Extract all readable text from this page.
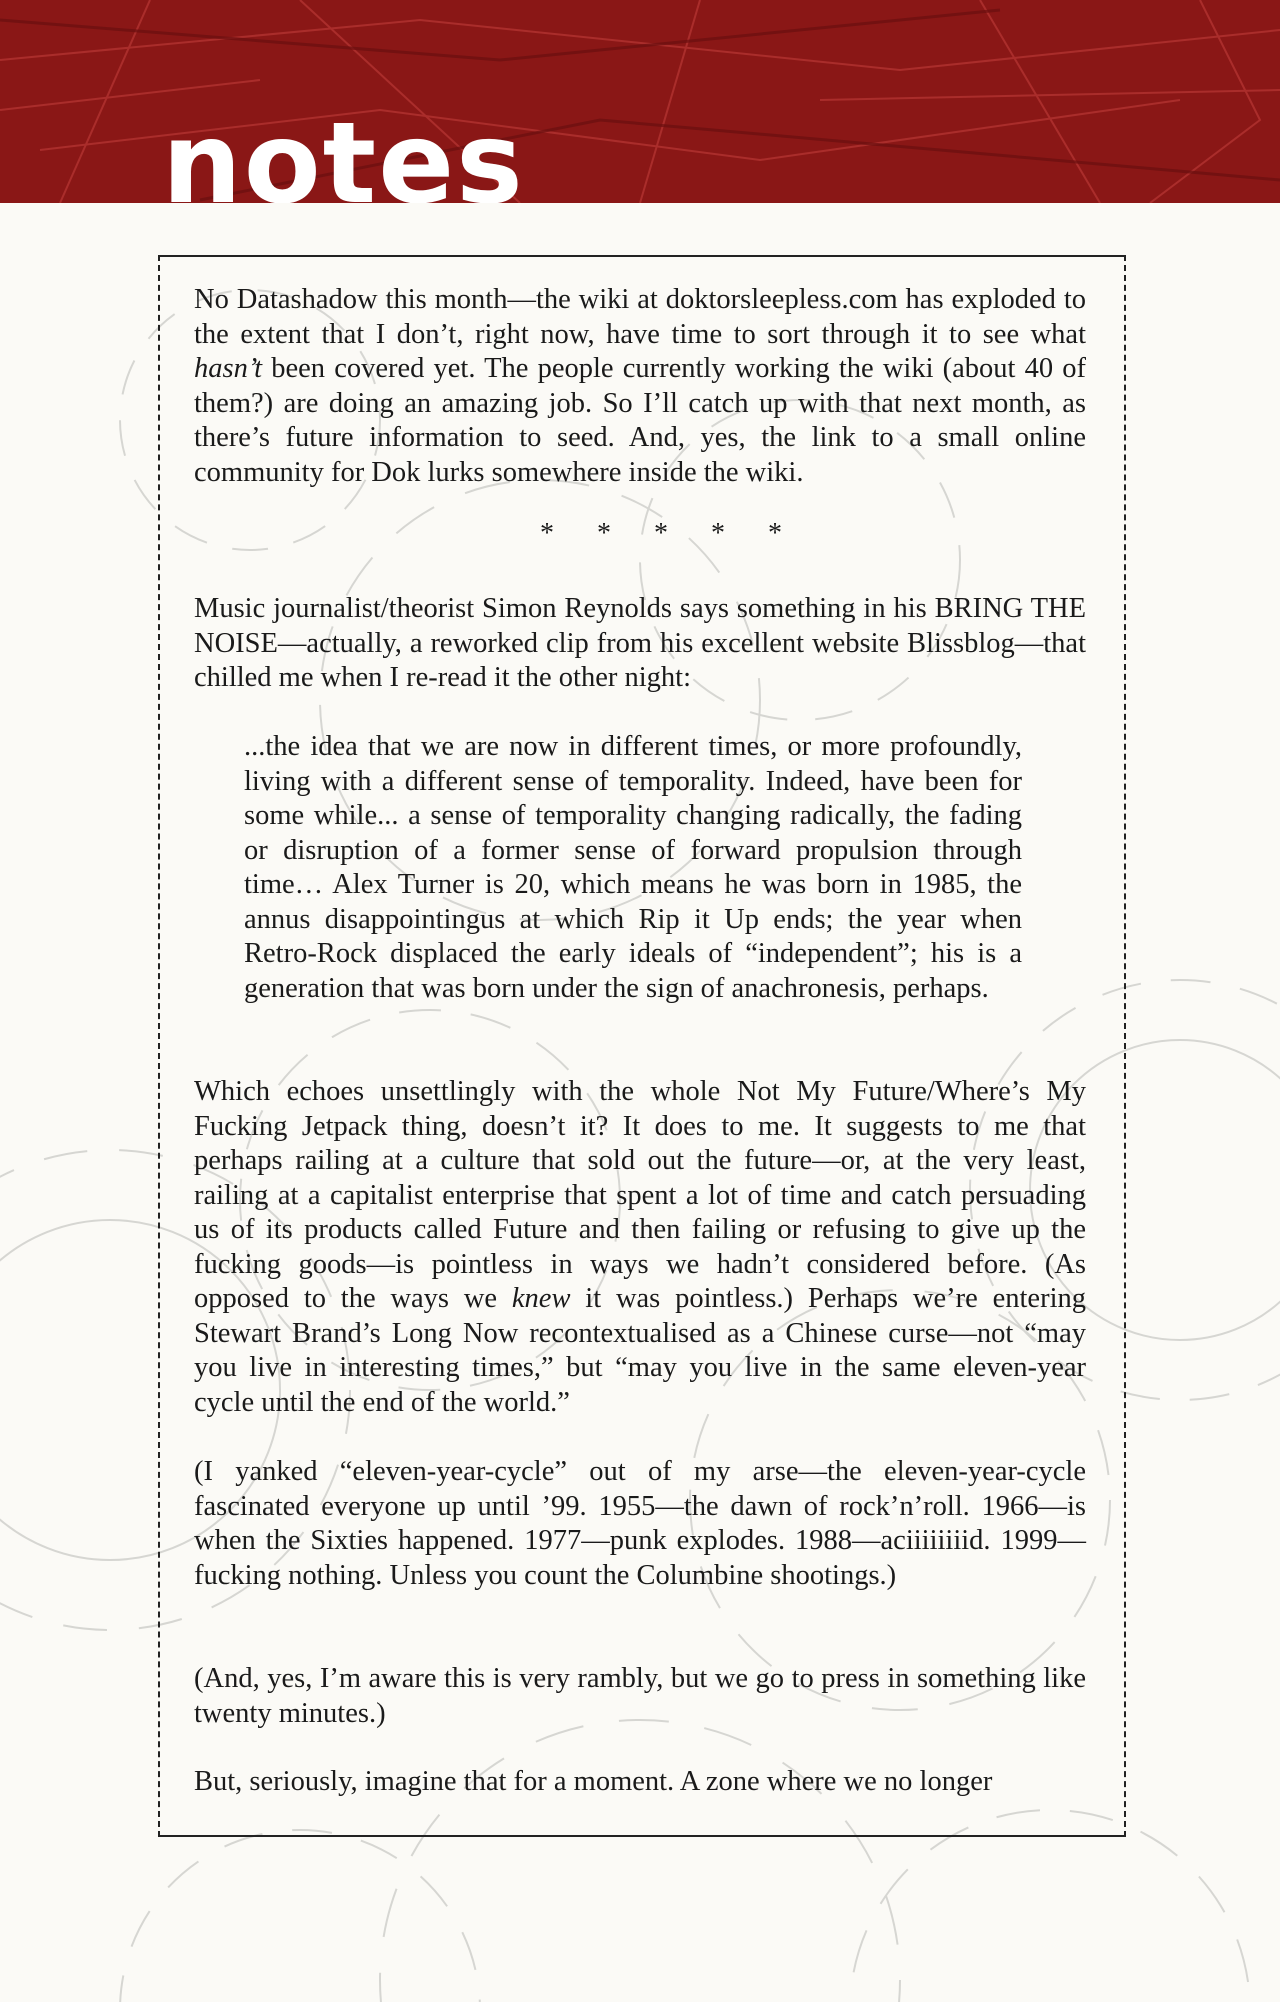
notes

No Datashadow this month—the wiki at doktorsleepless.com has exploded to the extent that I don’t, right now, have time to sort through it to see what hasn’t been covered yet. The people currently working the wiki (about 40 of them?) are doing an amazing job. So I’ll catch up with that next month, as there’s future information to seed. And, yes, the link to a small online community for Dok lurks somewhere inside the wiki.

* * * * *

Music journalist/theorist Simon Reynolds says something in his BRING THE NOISE—actually, a reworked clip from his excellent website Blissblog—that chilled me when I re-read it the other night:

...the idea that we are now in different times, or more profoundly, living with a different sense of temporality. Indeed, have been for some while... a sense of temporality changing radically, the fading or disruption of a former sense of forward propulsion through time… Alex Turner is 20, which means he was born in 1985, the annus disappointingus at which Rip it Up ends; the year when Retro-Rock displaced the early ideals of “independent”; his is a generation that was born under the sign of anachronesis, perhaps.

Which echoes unsettlingly with the whole Not My Future/Where’s My Fucking Jetpack thing, doesn’t it? It does to me. It suggests to me that perhaps railing at a culture that sold out the future—or, at the very least, railing at a capitalist enterprise that spent a lot of time and catch persuading us of its products called Future and then failing or refusing to give up the fucking goods—is pointless in ways we hadn’t considered before. (As opposed to the ways we knew it was pointless.) Perhaps we’re entering Stewart Brand’s Long Now recontextualised as a Chinese curse—not “may you live in interesting times,” but “may you live in the same eleven-year cycle until the end of the world.”

(I yanked “eleven-year-cycle” out of my arse—the eleven-year-cycle fascinated everyone up until ’99. 1955—the dawn of rock’n’roll. 1966—is when the Sixties happened. 1977—punk explodes. 1988—aciiiiiiiid. 1999—fucking nothing. Unless you count the Columbine shootings.)

(And, yes, I’m aware this is very rambly, but we go to press in something like twenty minutes.)

But, seriously, imagine that for a moment. A zone where we no longer
